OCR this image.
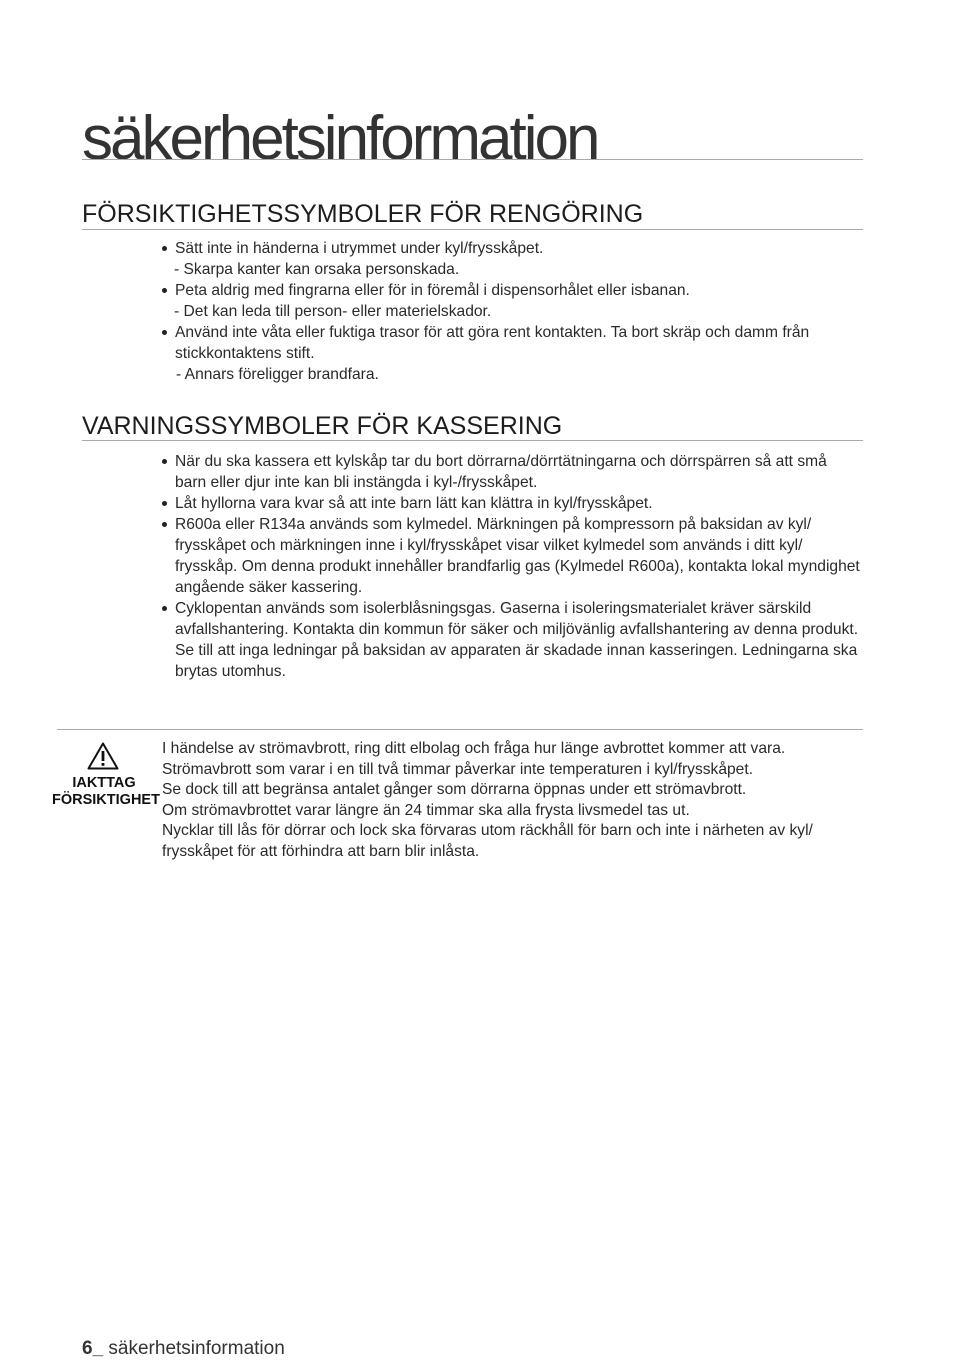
säkerhetsinformation
FÖRSIKTIGHETSSYMBOLER FÖR RENGÖRING
Sätt inte in händerna i utrymmet under kyl/frysskåpet.
- Skarpa kanter kan orsaka personskada.
Peta aldrig med fingrarna eller för in föremål i dispensorhålet eller isbanan.
- Det kan leda till person- eller materielskador.
Använd inte våta eller fuktiga trasor för att göra rent kontakten. Ta bort skräp och damm från stickkontaktens stift.
- Annars föreligger brandfara.
VARNINGSSYMBOLER FÖR KASSERING
När du ska kassera ett kylskåp tar du bort dörrarna/dörrtätningarna och dörrspärren så att små barn eller djur inte kan bli instängda i kyl-/frysskåpet.
Låt hyllorna vara kvar så att inte barn lätt kan klättra in kyl/frysskåpet.
R600a eller R134a används som kylmedel. Märkningen på kompressorn på baksidan av kyl/ frysskåpet och märkningen inne i kyl/frysskåpet visar vilket kylmedel som används i ditt kyl/ frysskåp. Om denna produkt innehåller brandfarlig gas (Kylmedel R600a), kontakta lokal myndighet angående säker kassering.
Cyklopentan används som isolerblåsningsgas. Gaserna i isoleringsmaterialet kräver särskild avfallshantering. Kontakta din kommun för säker och miljövänlig avfallshantering av denna produkt. Se till att inga ledningar på baksidan av apparaten är skadade innan kasseringen. Ledningarna ska brytas utomhus.

IAKTTAG

FÖRSIKTIGHET

I händelse av strömavbrott, ring ditt elbolag och fråga hur länge avbrottet kommer att vara.

Strömavbrott som varar i en till två timmar påverkar inte temperaturen i kyl/frysskåpet.

Se dock till att begränsa antalet gånger som dörrarna öppnas under ett strömavbrott.

Om strömavbrottet varar längre än 24 timmar ska alla frysta livsmedel tas ut.

Nycklar till lås för dörrar och lock ska förvaras utom räckhåll för barn och inte i närheten av kyl/ frysskåpet för att förhindra att barn blir inlåsta.

6_ säkerhetsinformation
